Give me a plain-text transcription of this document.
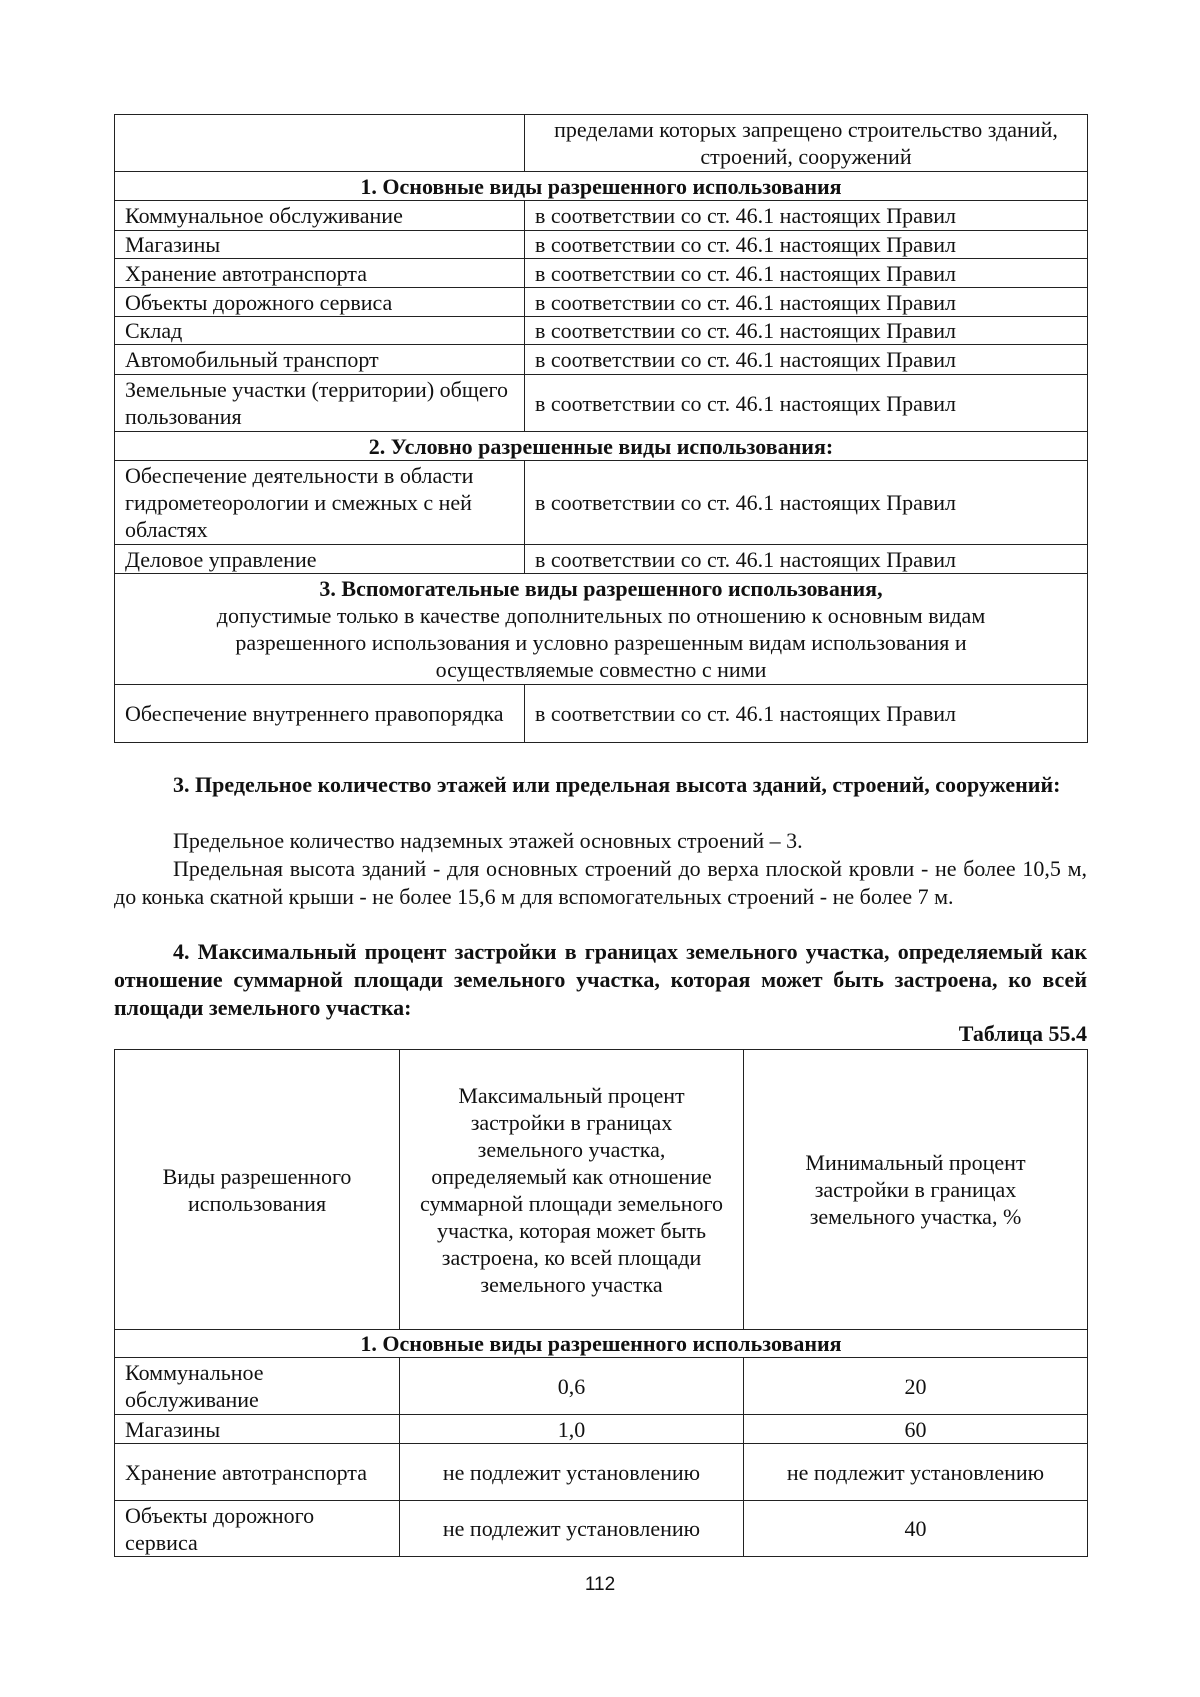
	пределами которых запрещено строительство зданий, строений, сооружений
1. Основные виды разрешенного использования	
Коммунальное обслуживание	в соответствии со ст. 46.1 настоящих Правил
Магазины	в соответствии со ст. 46.1 настоящих Правил
Хранение автотранспорта	в соответствии со ст. 46.1 настоящих Правил
Объекты дорожного сервиса	в соответствии со ст. 46.1 настоящих Правил
Склад	в соответствии со ст. 46.1 настоящих Правил
Автомобильный транспорт	в соответствии со ст. 46.1 настоящих Правил
Земельные участки (территории) общего пользования	в соответствии со ст. 46.1 настоящих Правил
2. Условно разрешенные виды использования:	
Обеспечение деятельности в области гидрометеорологии и смежных с ней областях	в соответствии со ст. 46.1 настоящих Правил
Деловое управление	в соответствии со ст. 46.1 настоящих Правил

3. Вспомогательные виды разрешенного использования,
допустимые только в качестве дополнительных по отношению к основным видам разрешенного использования и условно разрешенным видам использования и осуществляемые совместно с ними	

Обеспечение внутреннего правопорядка	в соответствии со ст. 46.1 настоящих Правил
3. Предельное количество этажей или предельная высота зданий, строений, сооружений:
Предельное количество надземных этажей основных строений – 3.
Предельная высота зданий - для основных строений до верха плоской кровли - не более 10,5 м, до конька скатной крыши - не более 15,6 м для вспомогательных строений - не более 7 м.
4. Максимальный процент застройки в границах земельного участка, определяемый как отношение суммарной площади земельного участка, которая может быть застроена, ко всей площади земельного участка:
Таблица 55.4
Виды разрешенного использования	Максимальный процент застройки в границах земельного участка, определяемый как отношение суммарной площади земельного участка, которая может быть застроена, ко всей площади земельного участка	Минимальный процент застройки в границах земельного участка, %
1. Основные виды разрешенного использования		
Коммунальное обслуживание	0,6	20
Магазины	1,0	60
Хранение автотранспорта	не подлежит установлению	не подлежит установлению
Объекты дорожного сервиса	не подлежит установлению	40
112
